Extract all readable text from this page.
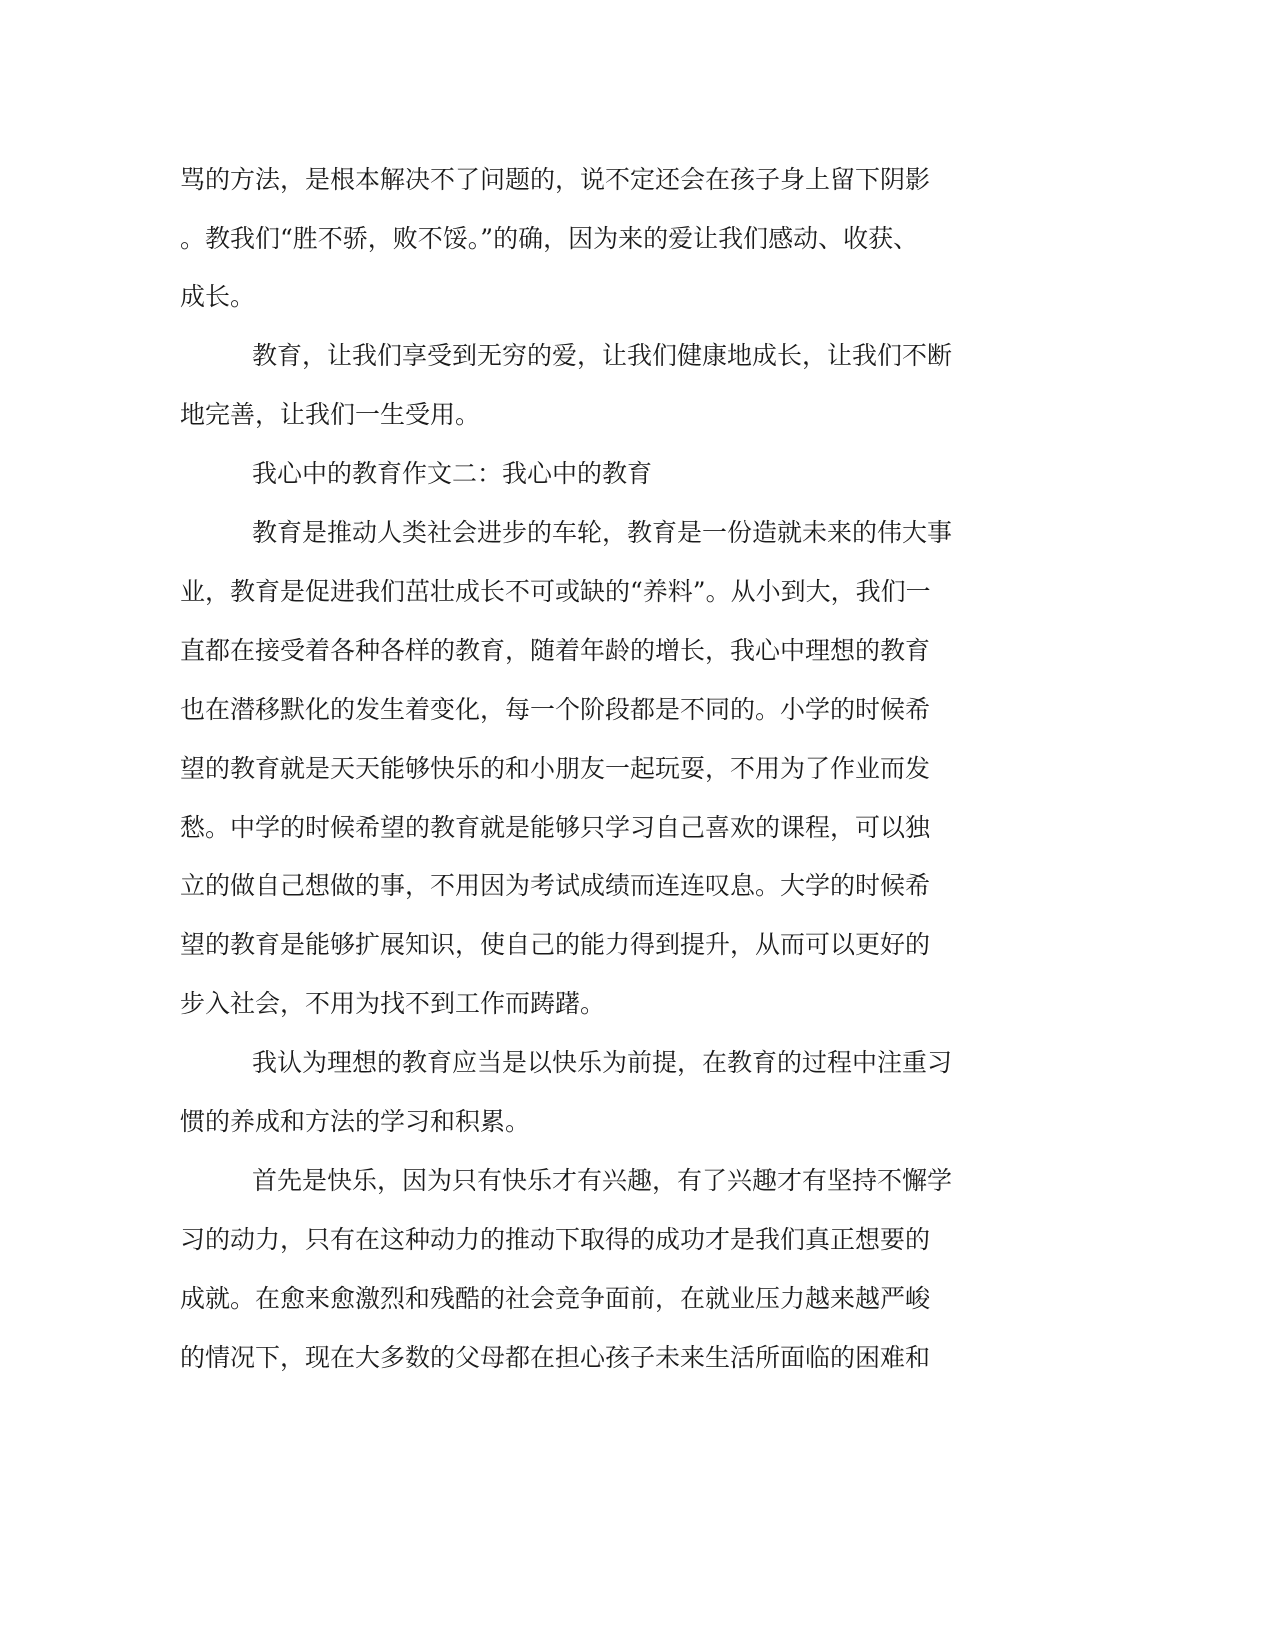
骂的方法，是根本解决不了问题的，说不定还会在孩子身上留下阴影
。教我们“胜不骄，败不馁。”的确，因为来的爱让我们感动、收获、
成长。
教育，让我们享受到无穷的爱，让我们健康地成长，让我们不断
地完善，让我们一生受用。
我心中的教育作文二：我心中的教育
教育是推动人类社会进步的车轮，教育是一份造就未来的伟大事
业，教育是促进我们茁壮成长不可或缺的“养料”。从小到大，我们一
直都在接受着各种各样的教育，随着年龄的增长，我心中理想的教育
也在潜移默化的发生着变化，每一个阶段都是不同的。小学的时候希
望的教育就是天天能够快乐的和小朋友一起玩耍，不用为了作业而发
愁。中学的时候希望的教育就是能够只学习自己喜欢的课程，可以独
立的做自己想做的事，不用因为考试成绩而连连叹息。大学的时候希
望的教育是能够扩展知识，使自己的能力得到提升，从而可以更好的
步入社会，不用为找不到工作而踌躇。
我认为理想的教育应当是以快乐为前提，在教育的过程中注重习
惯的养成和方法的学习和积累。
首先是快乐，因为只有快乐才有兴趣，有了兴趣才有坚持不懈学
习的动力，只有在这种动力的推动下取得的成功才是我们真正想要的
成就。在愈来愈激烈和残酷的社会竞争面前，在就业压力越来越严峻
的情况下，现在大多数的父母都在担心孩子未来生活所面临的困难和
